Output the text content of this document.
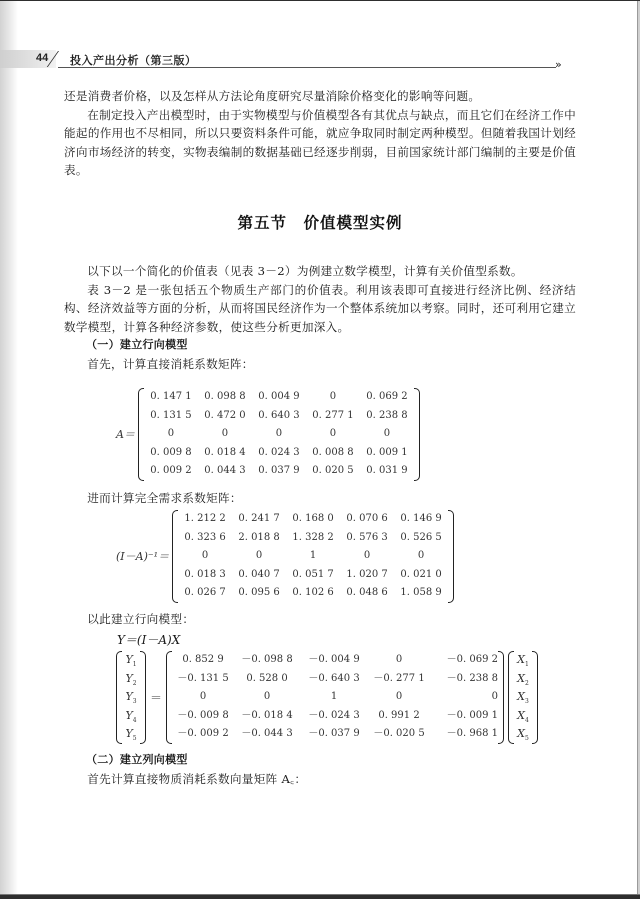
44 投入产出分析（第三版）	»

还是消费者价格，以及怎样从方法论角度研究尽量消除价格变化的影响等问题。

在制定投入产出模型时，由于实物模型与价值模型各有其优点与缺点，而且它们在经济工作中能起的作用也不尽相同，所以只要资料条件可能，就应争取同时制定两种模型。但随着我国计划经济向市场经济的转变，实物表编制的数据基础已经逐步削弱，目前国家统计部门编制的主要是价值表。

第五节　价值模型实例

以下以一个简化的价值表（见表 3－2）为例建立数学模型，计算有关价值型系数。

表 3－2 是一张包括五个物质生产部门的价值表。利用该表即可直接进行经济比例、经济结构、经济效益等方面的分析，从而将国民经济作为一个整体系统加以考察。同时，还可利用它建立数学模型，计算各种经济参数，使这些分析更加深入。

（一）建立行向模型

首先，计算直接消耗系数矩阵：

A＝
0. 147 1	0. 098 8	0. 004 9	0	0. 069 2
0. 131 5	0. 472 0	0. 640 3	0. 277 1	0. 238 8
0	0	0	0	0
0. 009 8	0. 018 4	0. 024 3	0. 008 8	0. 009 1
0. 009 2	0. 044 3	0. 037 9	0. 020 5	0. 031 9

进而计算完全需求系数矩阵：

(I－A)⁻¹＝
1. 212 2	0. 241 7	0. 168 0	0. 070 6	0. 146 9
0. 323 6	2. 018 8	1. 328 2	0. 576 3	0. 526 5
0	0	1	0	0
0. 018 3	0. 040 7	0. 051 7	1. 020 7	0. 021 0
0. 026 7	0. 095 6	0. 102 6	0. 048 6	1. 058 9

以此建立行向模型：

Y＝(I－A)X
$Y_1$
$Y_2$
$Y_3$
$Y_4$
$Y_5$
＝
0. 852 9	－0. 098 8	－0. 004 9	0	－0. 069 2
－0. 131 5	0. 528 0	－0. 640 3	－0. 277 1	－0. 238 8
0	0	1	0	0
－0. 009 8	－0. 018 4	－0. 024 3	0. 991 2	－0. 009 1
－0. 009 2	－0. 044 3	－0. 037 9	－0. 020 5	－0. 968 1
$X_1$
$X_2$
$X_3$
$X_4$
$X_5$

（二）建立列向模型

首先计算直接物质消耗系数向量矩阵 A꜀：
